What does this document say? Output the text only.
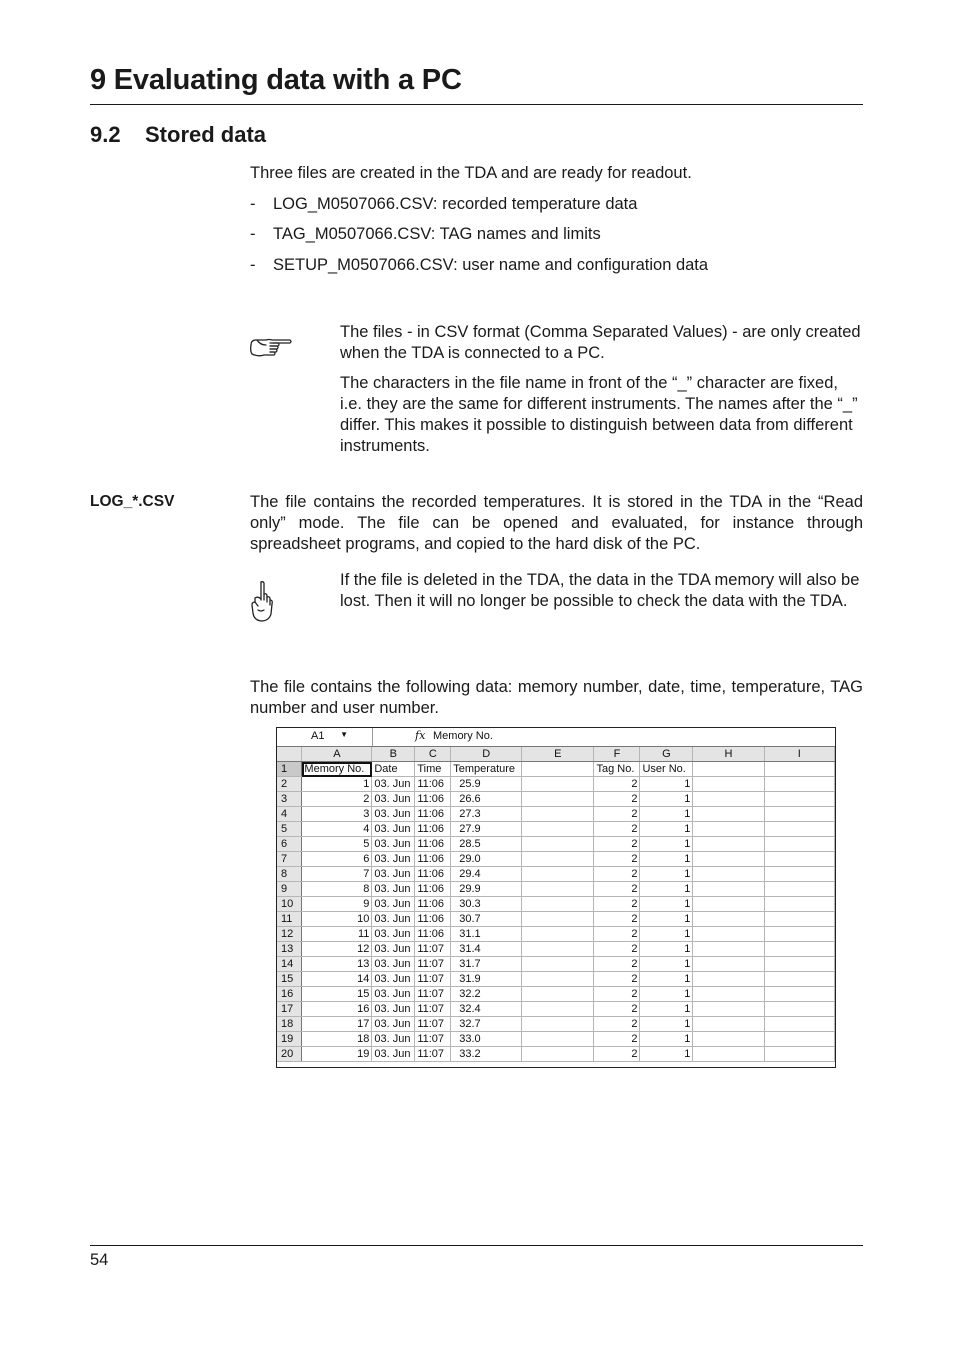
9 Evaluating data with a PC
9.2 Stored data
Three files are created in the TDA and are ready for readout.
- LOG_M0507066.CSV: recorded temperature data
- TAG_M0507066.CSV: TAG names and limits
- SETUP_M0507066.CSV: user name and configuration data
The files - in CSV format (Comma Separated Values) - are only created when the TDA is connected to a PC.
The characters in the file name in front of the “_” character are fixed, i.e. they are the same for different instruments. The names after the “_” differ. This makes it possible to distinguish between data from different instruments.
LOG_*.CSV	The file contains the recorded temperatures. It is stored in the TDA in the “Read only” mode. The file can be opened and evaluated, for instance through spreadsheet programs, and copied to the hard disk of the PC.
If the file is deleted in the TDA, the data in the TDA memory will also be lost. Then it will no longer be possible to check the data with the TDA.
The file contains the following data: memory number, date, time, temperature, TAG number and user number.
A1 ▼	fx Memory No.
	A	B	C	D	E	F	G	H	I
1	Memory No.	Date	Time	Temperature		Tag No.	User No.		
2	1	03. Jun	11:06	25.9		2	1		
3	2	03. Jun	11:06	26.6		2	1		
4	3	03. Jun	11:06	27.3		2	1		
5	4	03. Jun	11:06	27.9		2	1		
6	5	03. Jun	11:06	28.5		2	1		
7	6	03. Jun	11:06	29.0		2	1		
8	7	03. Jun	11:06	29.4		2	1		
9	8	03. Jun	11:06	29.9		2	1		
10	9	03. Jun	11:06	30.3		2	1		
11	10	03. Jun	11:06	30.7		2	1		
12	11	03. Jun	11:06	31.1		2	1		
13	12	03. Jun	11:07	31.4		2	1		
14	13	03. Jun	11:07	31.7		2	1		
15	14	03. Jun	11:07	31.9		2	1		
16	15	03. Jun	11:07	32.2		2	1		
17	16	03. Jun	11:07	32.4		2	1		
18	17	03. Jun	11:07	32.7		2	1		
19	18	03. Jun	11:07	33.0		2	1		
20	19	03. Jun	11:07	33.2		2	1		
54
